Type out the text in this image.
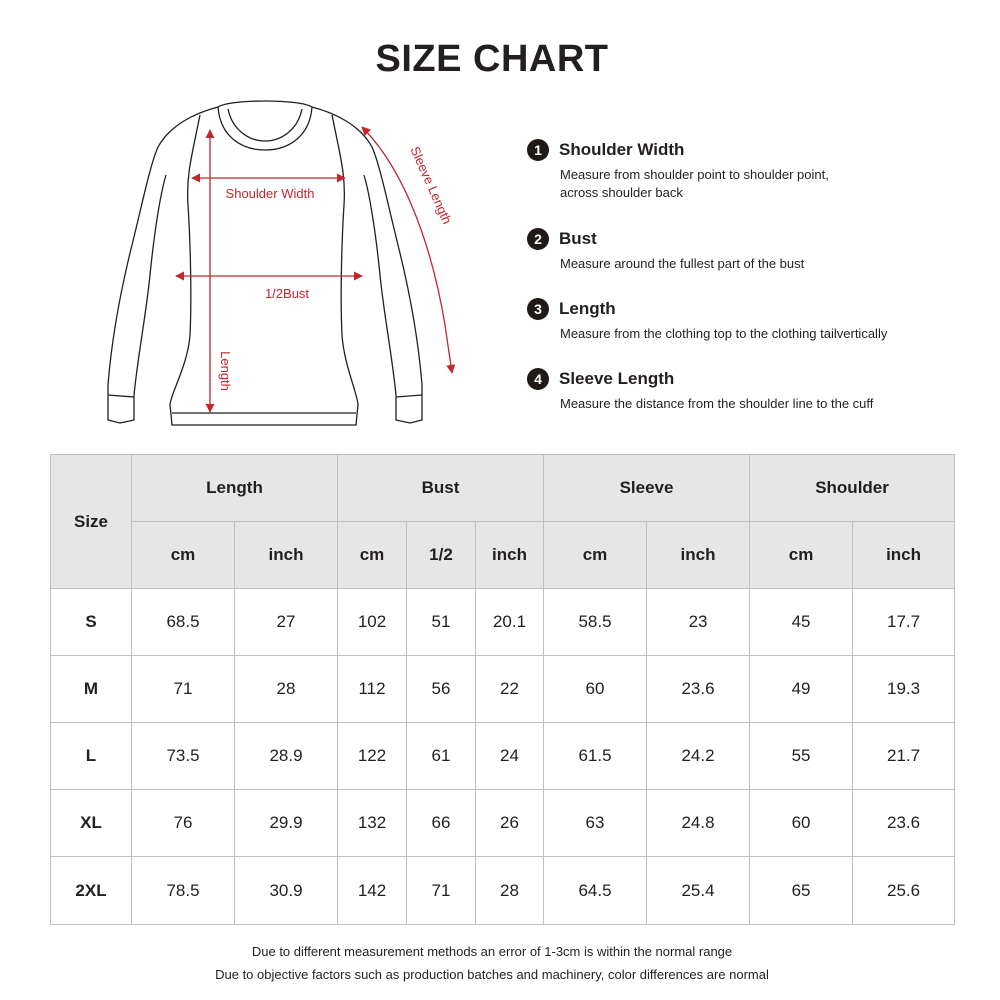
SIZE CHART
Shoulder Width
1/2Bust
Length
Sleeve Length	1	Shoulder Width
Measure from shoulder point to shoulder point,
across shoulder back
2	Bust
Measure around the fullest part of the bust
3	Length
Measure from the clothing top to the clothing tailvertically
4	Sleeve Length
Measure the distance from the shoulder line to the cuff
Size	Length		Bust			Sleeve		Shoulder	
	cm	inch	cm	1/2	inch	cm	inch	cm	inch
S	68.5	27	102	51	20.1	58.5	23	45	17.7
M	71	28	112	56	22	60	23.6	49	19.3
L	73.5	28.9	122	61	24	61.5	24.2	55	21.7
XL	76	29.9	132	66	26	63	24.8	60	23.6
2XL	78.5	30.9	142	71	28	64.5	25.4	65	25.6
Due to different measurement methods an error of 1-3cm is within the normal range
Due to objective factors such as production batches and machinery, color differences are normal
